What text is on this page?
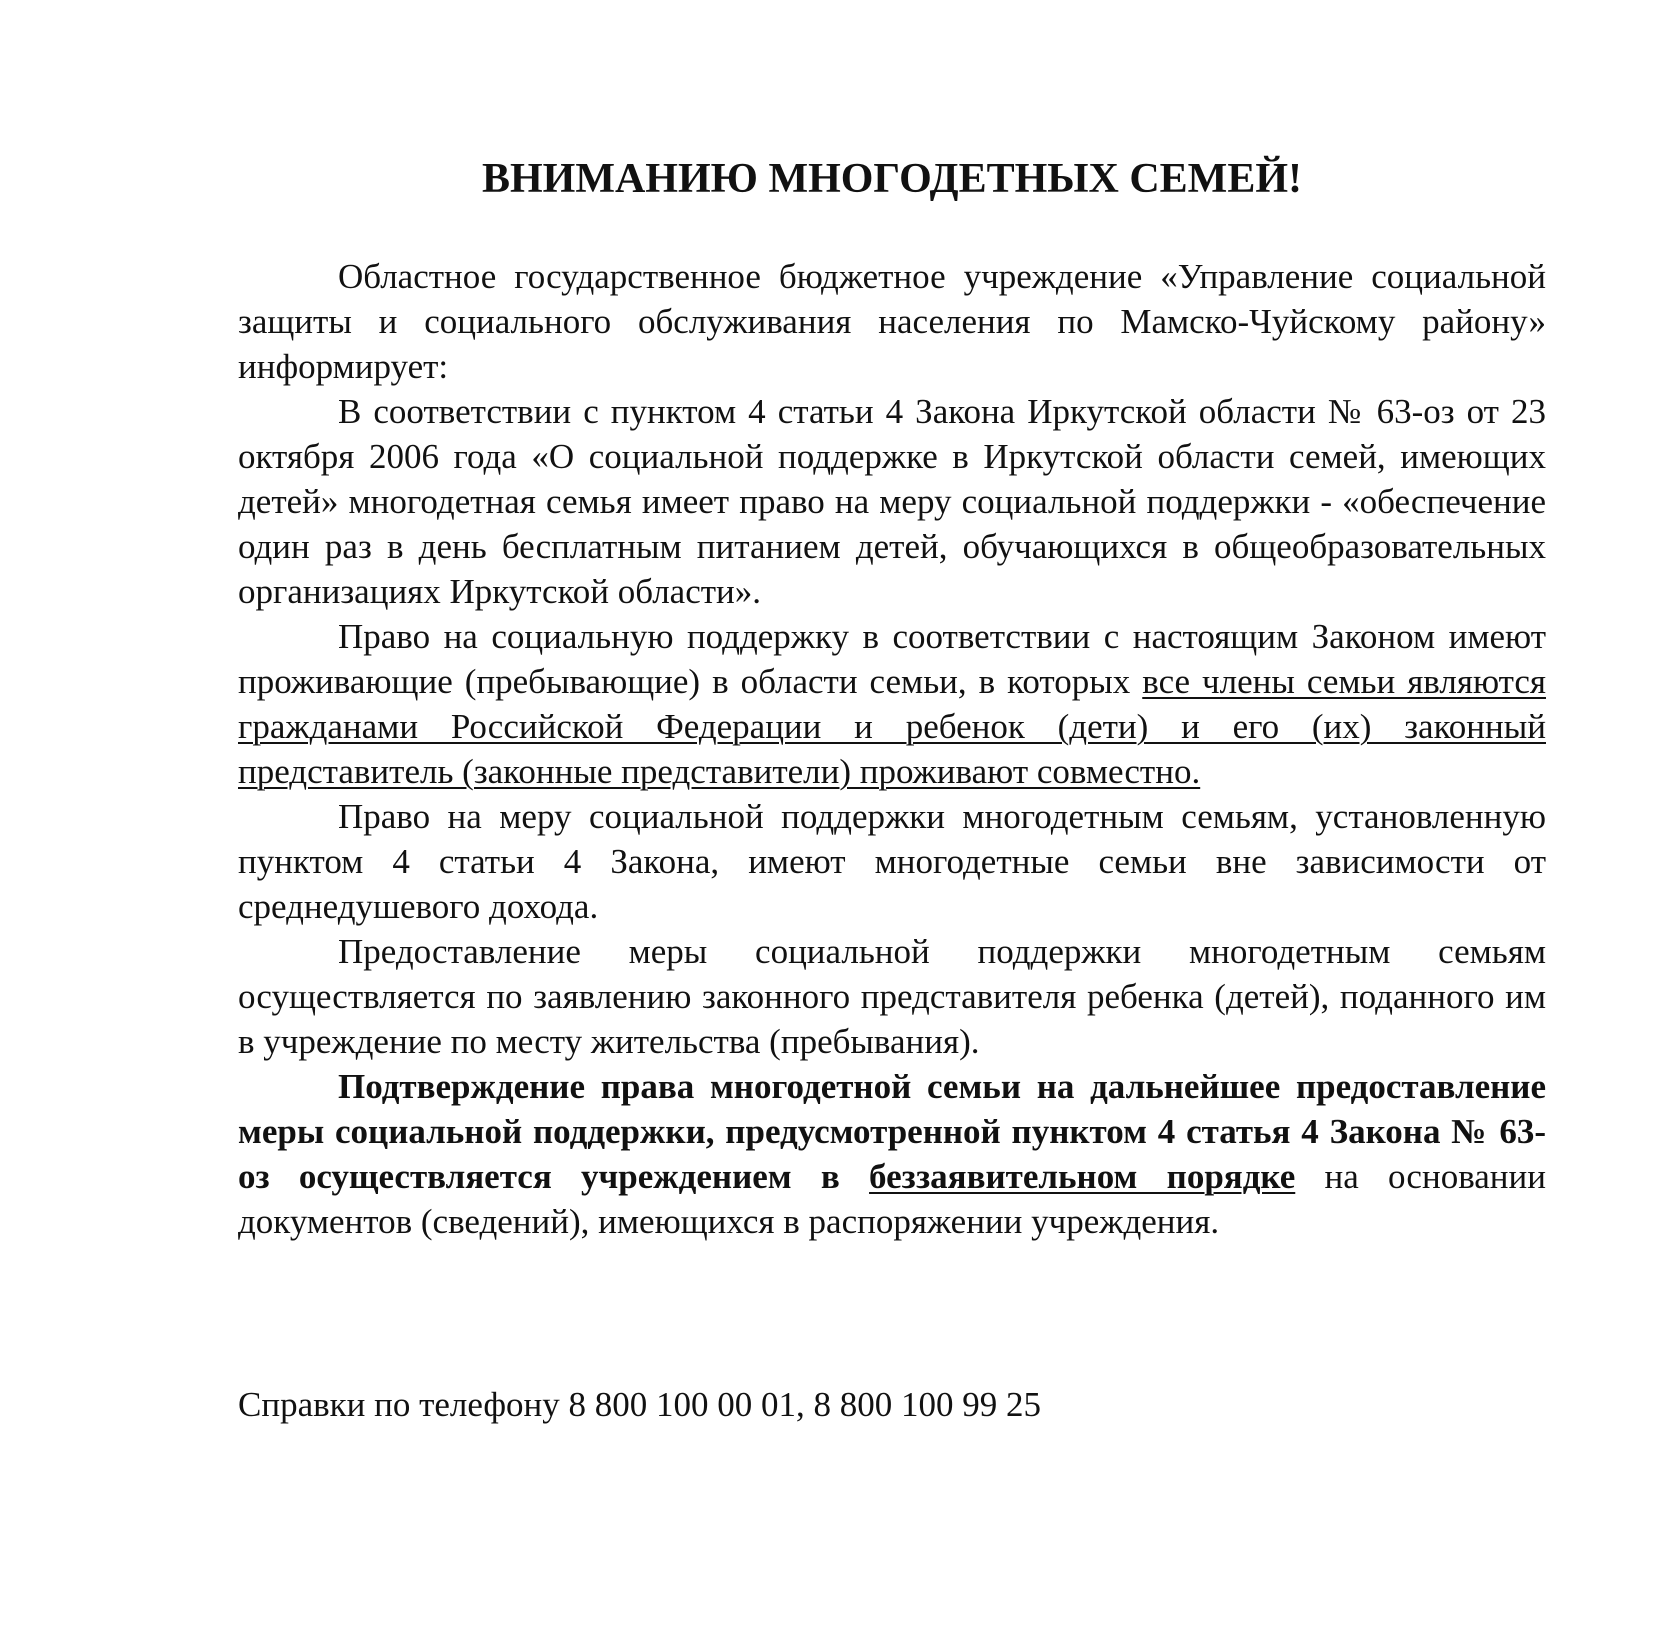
ВНИМАНИЮ МНОГОДЕТНЫХ СЕМЕЙ!

Областное государственное бюджетное учреждение «Управление социальной защиты и социального обслуживания населения по Мамско-Чуйскому району» информирует:

В соответствии с пунктом 4 статьи 4 Закона Иркутской области № 63-оз от 23 октября 2006 года «О социальной поддержке в Иркутской области семей, имеющих детей» многодетная семья имеет право на меру социальной поддержки - «обеспечение один раз в день бесплатным питанием детей, обучающихся в общеобразовательных организациях Иркутской области».

Право на социальную поддержку в соответствии с настоящим Законом имеют проживающие (пребывающие) в области семьи, в которых все члены семьи являются гражданами Российской Федерации и ребенок (дети) и его (их) законный представитель (законные представители) проживают совместно.

Право на меру социальной поддержки многодетным семьям, установленную пунктом 4 статьи 4 Закона, имеют многодетные семьи вне зависимости от среднедушевого дохода.

Предоставление меры социальной поддержки многодетным семьям осуществляется по заявлению законного представителя ребенка (детей), поданного им в учреждение по месту жительства (пребывания).

Подтверждение права многодетной семьи на дальнейшее предоставление меры социальной поддержки, предусмотренной пунктом 4 статья 4 Закона № 63-оз осуществляется учреждением в беззаявительном порядке на основании документов (сведений), имеющихся в распоряжении учреждения.

Справки по телефону 8 800 100 00 01, 8 800 100 99 25
